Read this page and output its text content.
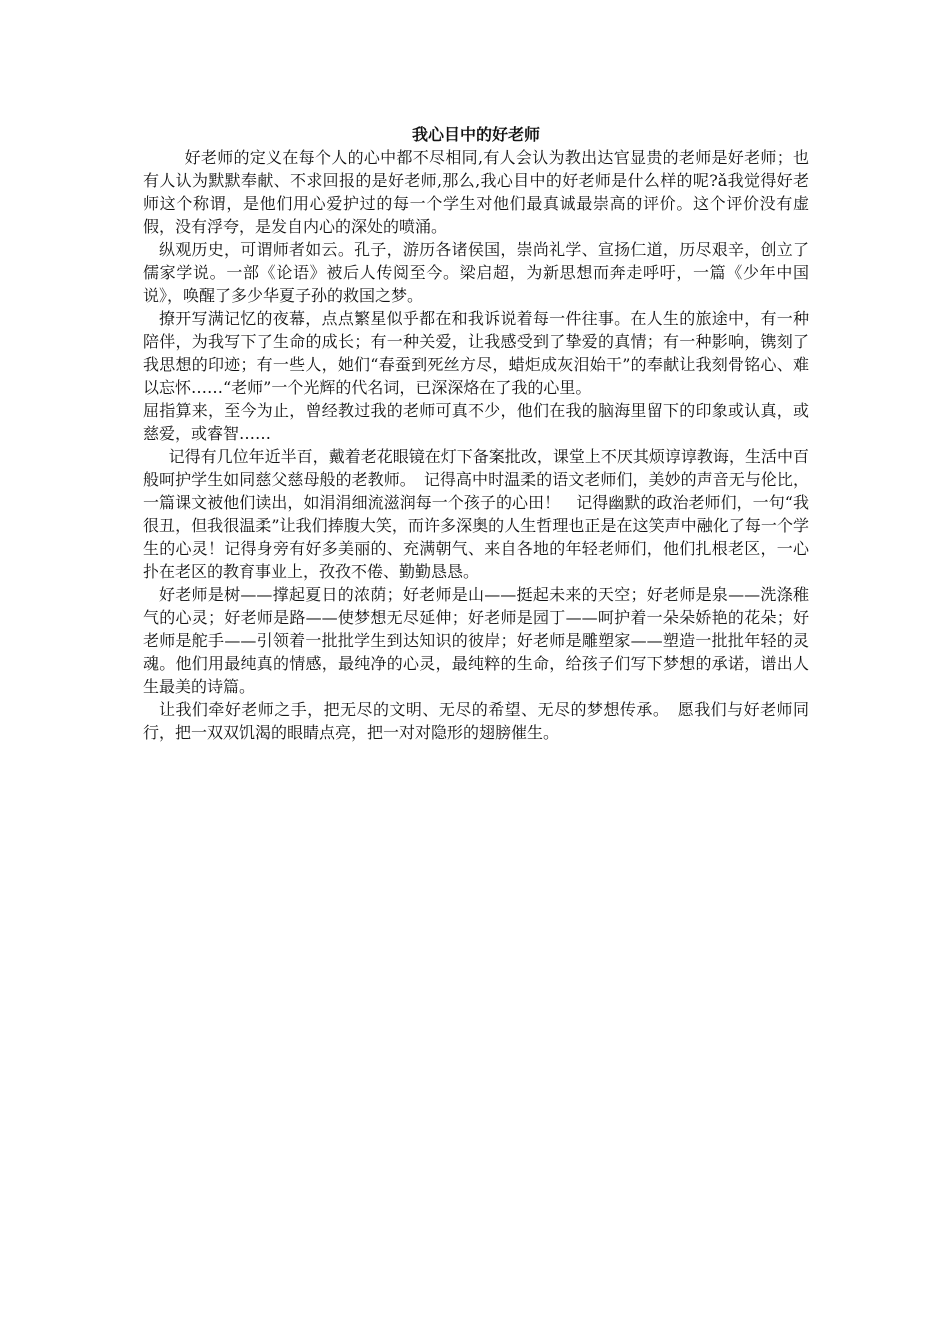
我心目中的好老师

好老师的定义在每个人的心中都不尽相同,有人会认为教出达官显贵的老师是好老师；也有人认为默默奉献、不求回报的是好老师,那么,我心目中的好老师是什么样的呢?ǎ我觉得好老师这个称谓，是他们用心爱护过的每一个学生对他们最真诚最崇高的评价。这个评价没有虚假，没有浮夸，是发自内心的深处的喷涌。

纵观历史，可谓师者如云。孔子，游历各诸侯国，崇尚礼学、宣扬仁道，历尽艰辛，创立了儒家学说。一部《论语》被后人传阅至今。梁启超，为新思想而奔走呼吁，一篇《少年中国说》，唤醒了多少华夏子孙的救国之梦。

撩开写满记忆的夜幕，点点繁星似乎都在和我诉说着每一件往事。在人生的旅途中，有一种陪伴，为我写下了生命的成长；有一种关爱，让我感受到了挚爱的真情；有一种影响，镌刻了我思想的印迹；有一些人，她们“春蚕到死丝方尽，蜡炬成灰泪始干”的奉献让我刻骨铭心、难以忘怀……“老师”一个光辉的代名词，已深深烙在了我的心里。

屈指算来，至今为止，曾经教过我的老师可真不少，他们在我的脑海里留下的印象或认真，或慈爱，或睿智……

记得有几位年近半百，戴着老花眼镜在灯下备案批改，课堂上不厌其烦谆谆教诲，生活中百般呵护学生如同慈父慈母般的老教师。　记得高中时温柔的语文老师们，美妙的声音无与伦比，一篇课文被他们读出，如涓涓细流滋润每一个孩子的心田！　记得幽默的政治老师们，一句“我很丑，但我很温柔”让我们捧腹大笑，而许多深奥的人生哲理也正是在这笑声中融化了每一个学生的心灵！记得身旁有好多美丽的、充满朝气、来自各地的年轻老师们，他们扎根老区，一心扑在老区的教育事业上，孜孜不倦、勤勤恳恳。

好老师是树——撑起夏日的浓荫；好老师是山——挺起未来的天空；好老师是泉——洗涤稚气的心灵；好老师是路——使梦想无尽延伸；好老师是园丁——呵护着一朵朵娇艳的花朵；好老师是舵手——引领着一批批学生到达知识的彼岸；好老师是雕塑家——塑造一批批年轻的灵魂。他们用最纯真的情感，最纯净的心灵，最纯粹的生命，给孩子们写下梦想的承诺，谱出人生最美的诗篇。

让我们牵好老师之手，把无尽的文明、无尽的希望、无尽的梦想传承。　愿我们与好老师同行，把一双双饥渴的眼睛点亮，把一对对隐形的翅膀催生。
